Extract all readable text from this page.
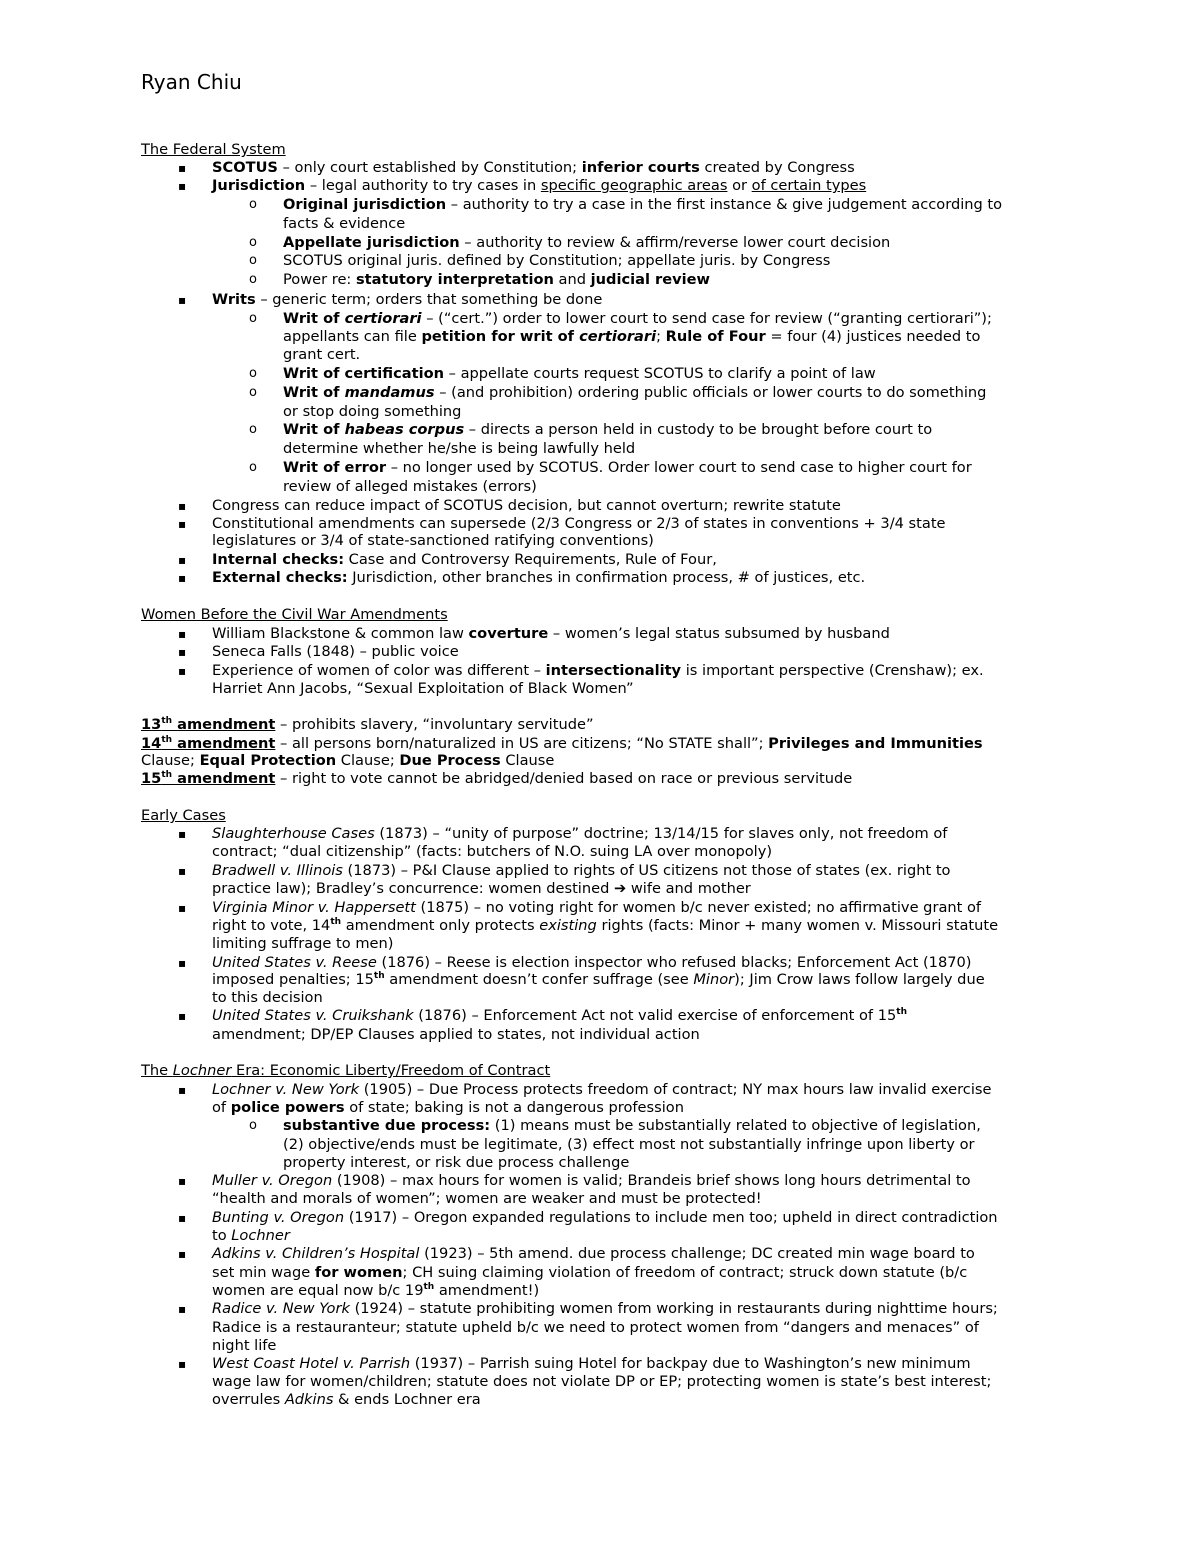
Ryan Chiu
The Federal System
▪ SCOTUS – only court established by Constitution; inferior courts created by Congress
▪ Jurisdiction – legal authority to try cases in specific geographic areas or of certain types
o Original jurisdiction – authority to try a case in the first instance & give judgement according to
facts & evidence
o Appellate jurisdiction – authority to review & affirm/reverse lower court decision
o SCOTUS original juris. defined by Constitution; appellate juris. by Congress
o Power re: statutory interpretation and judicial review
▪ Writs – generic term; orders that something be done
o Writ of certiorari – (“cert.”) order to lower court to send case for review (“granting certiorari”);
appellants can file petition for writ of certiorari; Rule of Four = four (4) justices needed to
grant cert.
o Writ of certification – appellate courts request SCOTUS to clarify a point of law
o Writ of mandamus – (and prohibition) ordering public officials or lower courts to do something
or stop doing something
o Writ of habeas corpus – directs a person held in custody to be brought before court to
determine whether he/she is being lawfully held
o Writ of error – no longer used by SCOTUS. Order lower court to send case to higher court for
review of alleged mistakes (errors)
▪ Congress can reduce impact of SCOTUS decision, but cannot overturn; rewrite statute
▪ Constitutional amendments can supersede (2/3 Congress or 2/3 of states in conventions + 3/4 state
legislatures or 3/4 of state-sanctioned ratifying conventions)
▪ Internal checks: Case and Controversy Requirements, Rule of Four,
▪ External checks: Jurisdiction, other branches in confirmation process, # of justices, etc.
Women Before the Civil War Amendments
▪ William Blackstone & common law coverture – women’s legal status subsumed by husband
▪ Seneca Falls (1848) – public voice
▪ Experience of women of color was different – intersectionality is important perspective (Crenshaw); ex.
Harriet Ann Jacobs, “Sexual Exploitation of Black Women”
13th amendment – prohibits slavery, “involuntary servitude”
14th amendment – all persons born/naturalized in US are citizens; “No STATE shall”; Privileges and Immunities
Clause; Equal Protection Clause; Due Process Clause
15th amendment – right to vote cannot be abridged/denied based on race or previous servitude
Early Cases
▪ Slaughterhouse Cases (1873) – “unity of purpose” doctrine; 13/14/15 for slaves only, not freedom of
contract; “dual citizenship” (facts: butchers of N.O. suing LA over monopoly)
▪ Bradwell v. Illinois (1873) – P&I Clause applied to rights of US citizens not those of states (ex. right to
practice law); Bradley’s concurrence: women destined ➔ wife and mother
▪ Virginia Minor v. Happersett (1875) – no voting right for women b/c never existed; no affirmative grant of
right to vote, 14th amendment only protects existing rights (facts: Minor + many women v. Missouri statute
limiting suffrage to men)
▪ United States v. Reese (1876) – Reese is election inspector who refused blacks; Enforcement Act (1870)
imposed penalties; 15th amendment doesn’t confer suffrage (see Minor); Jim Crow laws follow largely due
to this decision
▪ United States v. Cruikshank (1876) – Enforcement Act not valid exercise of enforcement of 15th
amendment; DP/EP Clauses applied to states, not individual action
The Lochner Era: Economic Liberty/Freedom of Contract
▪ Lochner v. New York (1905) – Due Process protects freedom of contract; NY max hours law invalid exercise
of police powers of state; baking is not a dangerous profession
o substantive due process: (1) means must be substantially related to objective of legislation,
(2) objective/ends must be legitimate, (3) effect most not substantially infringe upon liberty or
property interest, or risk due process challenge
▪ Muller v. Oregon (1908) – max hours for women is valid; Brandeis brief shows long hours detrimental to
“health and morals of women”; women are weaker and must be protected!
▪ Bunting v. Oregon (1917) – Oregon expanded regulations to include men too; upheld in direct contradiction
to Lochner
▪ Adkins v. Children’s Hospital (1923) – 5th amend. due process challenge; DC created min wage board to
set min wage for women; CH suing claiming violation of freedom of contract; struck down statute (b/c
women are equal now b/c 19th amendment!)
▪ Radice v. New York (1924) – statute prohibiting women from working in restaurants during nighttime hours;
Radice is a restauranteur; statute upheld b/c we need to protect women from “dangers and menaces” of
night life
▪ West Coast Hotel v. Parrish (1937) – Parrish suing Hotel for backpay due to Washington’s new minimum
wage law for women/children; statute does not violate DP or EP; protecting women is state’s best interest;
overrules Adkins & ends Lochner era
